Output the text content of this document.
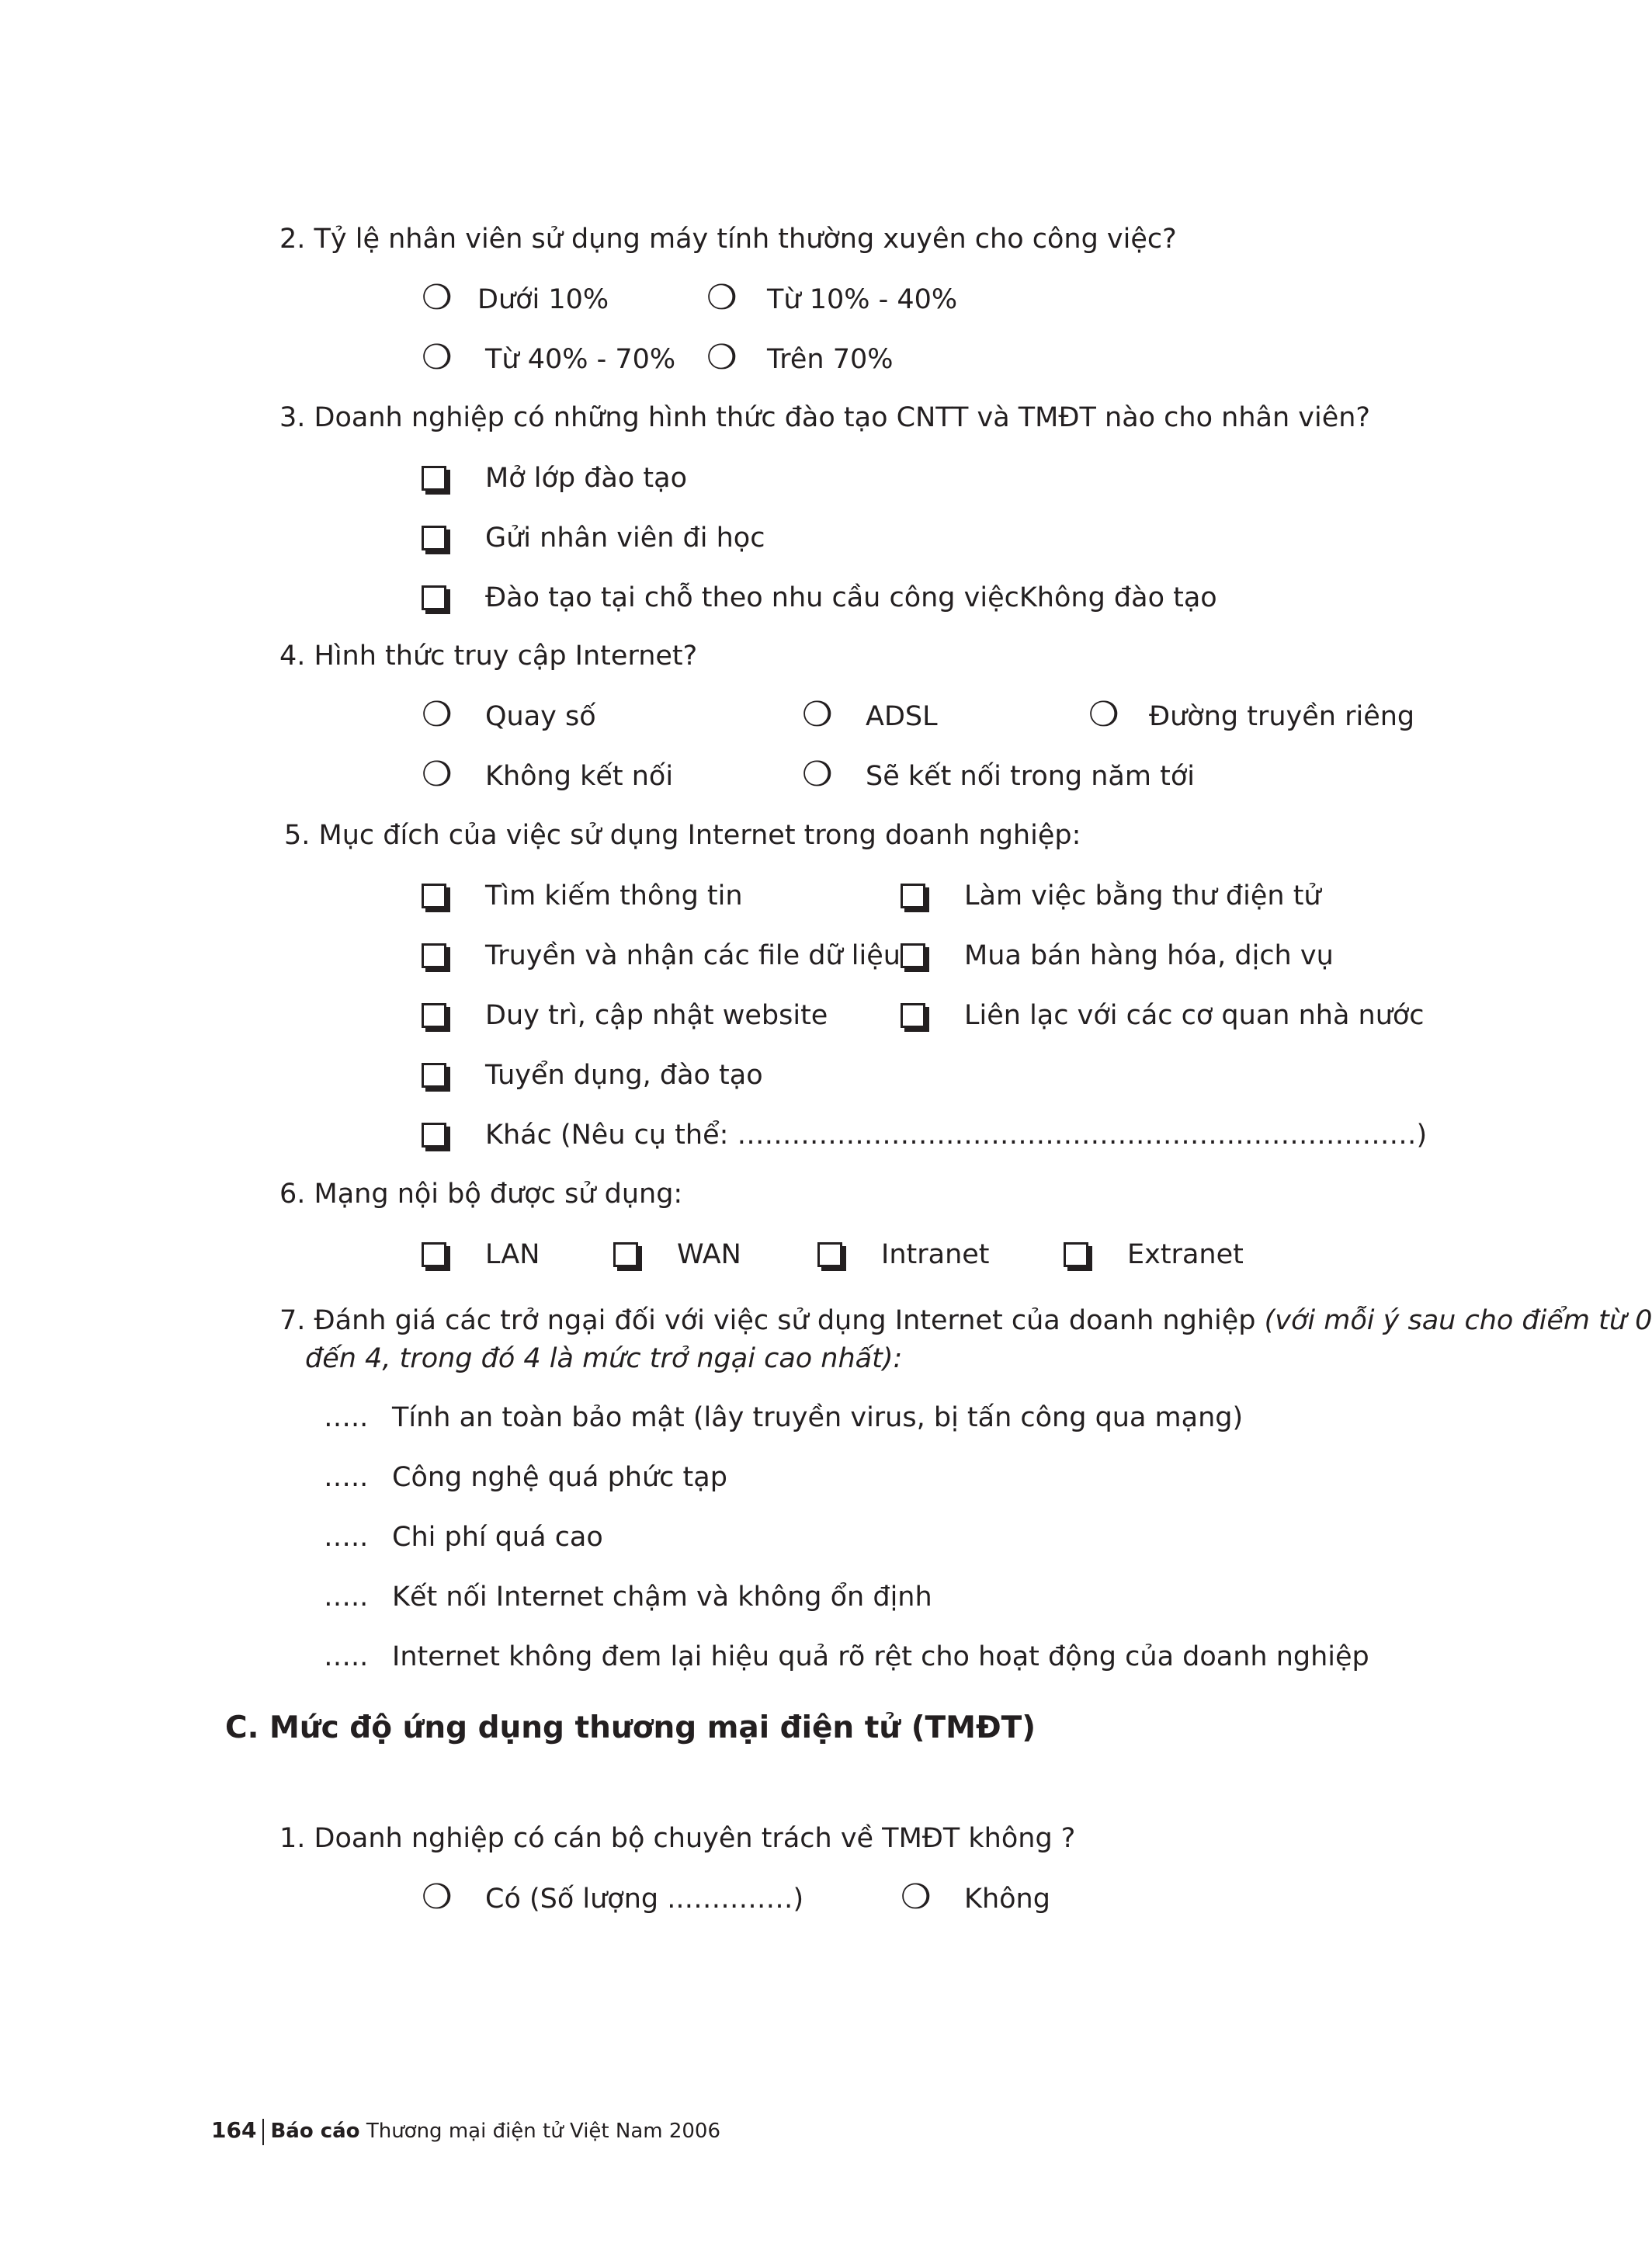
2. Tỷ lệ nhân viên sử dụng máy tính thường xuyên cho công việc?
❍ Dưới 10%	❍ Từ 10% - 40%
❍ Từ 40% - 70% ❍ Trên 70%
3. Doanh nghiệp có những hình thức đào tạo CNTT và TMĐT nào cho nhân viên?
Mở lớp đào tạo
Gửi nhân viên đi học
Đào tạo tại chỗ theo nhu cầu công việcKhông đào tạo
4. Hình thức truy cập Internet?
❍ Quay số	❍ ADSL	❍ Đường truyền riêng
❍ Không kết nối	❍ Sẽ kết nối trong năm tới
5. Mục đích của việc sử dụng Internet trong doanh nghiệp:
Tìm kiếm thông tin	Làm việc bằng thư điện tử
Truyền và nhận các file dữ liệu Mua bán hàng hóa, dịch vụ
Duy trì, cập nhật website	Liên lạc với các cơ quan nhà nước
Tuyển dụng, đào tạo
Khác (Nêu cụ thể: …………………………………………………………………)
6. Mạng nội bộ được sử dụng:
LAN	WAN	Intranet	Extranet
7. Đánh giá các trở ngại đối với việc sử dụng Internet của doanh nghiệp (với mỗi ý sau cho điểm từ 0
đến 4, trong đó 4 là mức trở ngại cao nhất):
….. Tính an toàn bảo mật (lây truyền virus, bị tấn công qua mạng)
….. Công nghệ quá phức tạp
….. Chi phí quá cao
….. Kết nối Internet chậm và không ổn định
….. Internet không đem lại hiệu quả rõ rệt cho hoạt động của doanh nghiệp
C. Mức độ ứng dụng thương mại điện tử (TMĐT)
1. Doanh nghiệp có cán bộ chuyên trách về TMĐT không ?
❍ Có (Số lượng ..…………)	❍ Không
164 Báo cáo Thương mại điện tử Việt Nam 2006
